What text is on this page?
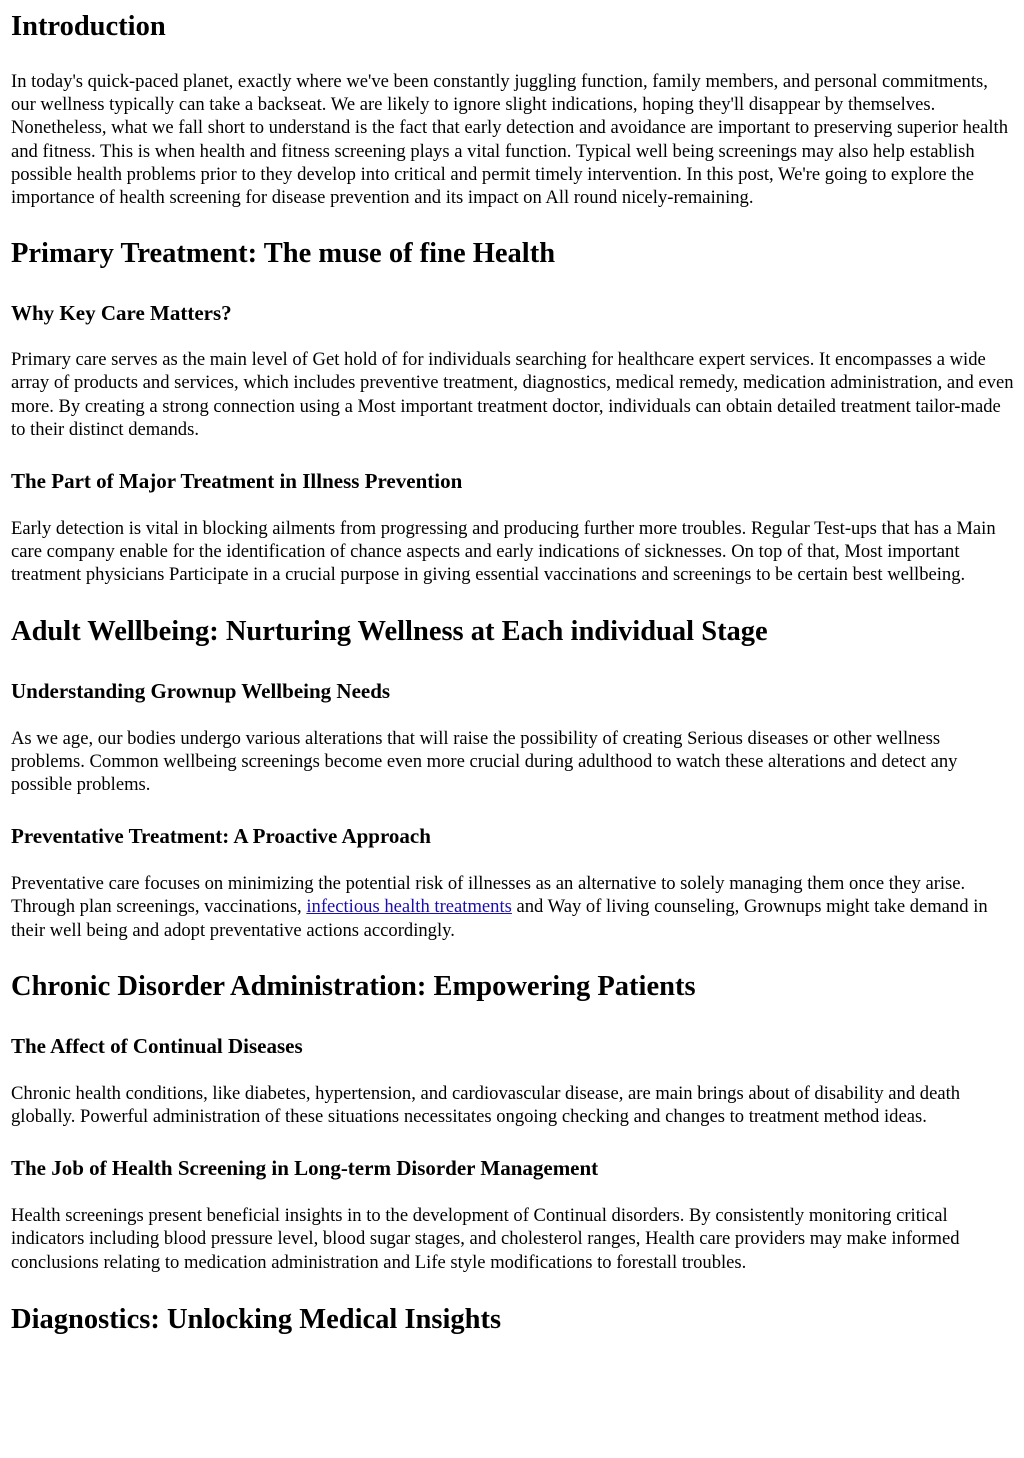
Introduction

In today's quick-paced planet, exactly where we've been constantly juggling function, family members, and personal commitments, our wellness typically can take a backseat. We are likely to ignore slight indications, hoping they'll disappear by themselves. Nonetheless, what we fall short to understand is the fact that early detection and avoidance are important to preserving superior health and fitness. This is when health and fitness screening plays a vital function. Typical well being screenings may also help establish possible health problems prior to they develop into critical and permit timely intervention. In this post, We're going to explore the importance of health screening for disease prevention and its impact on All round nicely-remaining.

Primary Treatment: The muse of fine Health
Why Key Care Matters?

Primary care serves as the main level of Get hold of for individuals searching for healthcare expert services. It encompasses a wide array of products and services, which includes preventive treatment, diagnostics, medical remedy, medication administration, and even more. By creating a strong connection using a Most important treatment doctor, individuals can obtain detailed treatment tailor-made to their distinct demands.

The Part of Major Treatment in Illness Prevention

Early detection is vital in blocking ailments from progressing and producing further more troubles. Regular Test-ups that has a Main care company enable for the identification of chance aspects and early indications of sicknesses. On top of that, Most important treatment physicians Participate in a crucial purpose in giving essential vaccinations and screenings to be certain best wellbeing.

Adult Wellbeing: Nurturing Wellness at Each individual Stage
Understanding Grownup Wellbeing Needs

As we age, our bodies undergo various alterations that will raise the possibility of creating Serious diseases or other wellness problems. Common wellbeing screenings become even more crucial during adulthood to watch these alterations and detect any possible problems.

Preventative Treatment: A Proactive Approach

Preventative care focuses on minimizing the potential risk of illnesses as an alternative to solely managing them once they arise. Through plan screenings, vaccinations, infectious health treatments and Way of living counseling, Grownups might take demand in their well being and adopt preventative actions accordingly.

Chronic Disorder Administration: Empowering Patients
The Affect of Continual Diseases

Chronic health conditions, like diabetes, hypertension, and cardiovascular disease, are main brings about of disability and death globally. Powerful administration of these situations necessitates ongoing checking and changes to treatment method ideas.

The Job of Health Screening in Long-term Disorder Management

Health screenings present beneficial insights in to the development of Continual disorders. By consistently monitoring critical indicators including blood pressure level, blood sugar stages, and cholesterol ranges, Health care providers may make informed conclusions relating to medication administration and Life style modifications to forestall troubles.

Diagnostics: Unlocking Medical Insights
